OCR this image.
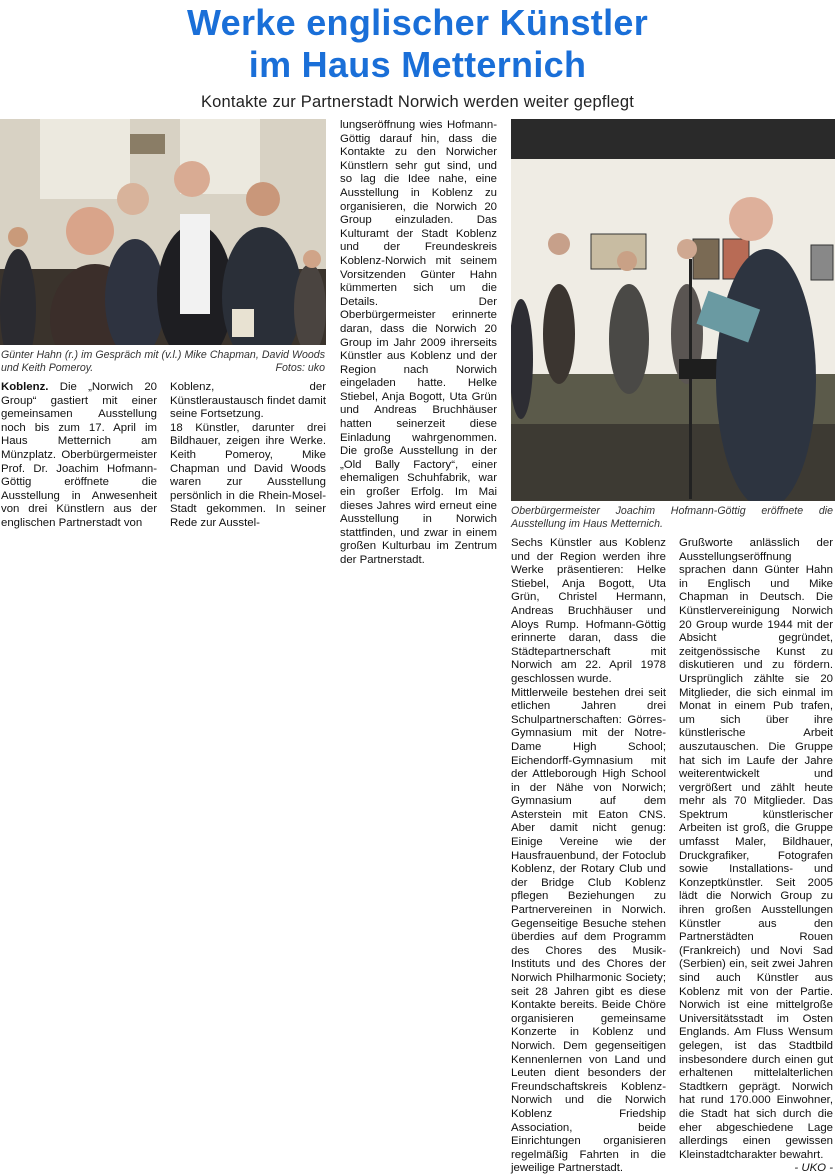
Werke englischer Künstler
im Haus Metternich
Kontakte zur Partnerstadt Norwich werden weiter gepflegt
Günter Hahn (r.) im Gespräch mit (v.l.) Mike Chapman, David Woods und Keith Pomeroy.	Fotos: uko
Oberbürgermeister Joachim Hofmann-Göttig eröffnete die Ausstellung im Haus Metternich.

Koblenz. Die „Norwich 20 Group“ gastiert mit einer gemeinsamen Ausstellung noch bis zum 17. April im Haus Metternich am Münzplatz. Oberbürgermeister Prof. Dr. Joachim Hofmann-Göttig eröffnete die Ausstellung in Anwesenheit von drei Künstlern aus der englischen Partnerstadt von

Koblenz, der Künstleraustausch findet damit seine Fortsetzung.

18 Künstler, darunter drei Bildhauer, zeigen ihre Werke. Keith Pomeroy, Mike Chapman und David Woods waren zur Ausstellung persönlich in die Rhein-Mosel-Stadt gekommen. In seiner Rede zur Ausstel-

lungseröffnung wies Hofmann-Göttig darauf hin, dass die Kontakte zu den Norwicher Künstlern sehr gut sind, und so lag die Idee nahe, eine Ausstellung in Koblenz zu organisieren, die Norwich 20 Group einzuladen. Das Kulturamt der Stadt Koblenz und der Freundeskreis Koblenz-Norwich mit seinem Vorsitzenden Günter Hahn kümmerten sich um die Details. Der Oberbürgermeister erinnerte daran, dass die Norwich 20 Group im Jahr 2009 ihrerseits Künstler aus Koblenz und der Region nach Norwich eingeladen hatte. Helke Stiebel, Anja Bogott, Uta Grün und Andreas Bruchhäuser hatten seinerzeit diese Einladung wahrgenommen. Die große Ausstellung in der „Old Bally Factory“, einer ehemaligen Schuhfabrik, war ein großer Erfolg. Im Mai dieses Jahres wird erneut eine Ausstellung in Norwich stattfinden, und zwar in einem großen Kulturbau im Zentrum der Partnerstadt.

Sechs Künstler aus Koblenz und der Region werden ihre Werke präsentieren: Helke Stiebel, Anja Bogott, Uta Grün, Christel Hermann, Andreas Bruchhäuser und Aloys Rump. Hofmann-Göttig erinnerte daran, dass die Städtepartnerschaft mit Norwich am 22. April 1978 geschlossen wurde.

Mittlerweile bestehen drei seit etlichen Jahren drei Schulpartnerschaften: Görres-Gymnasium mit der Notre-Dame High School; Eichendorff-Gymnasium mit der Attleborough High School in der Nähe von Norwich; Gymnasium auf dem Asterstein mit Eaton CNS. Aber damit nicht genug: Einige Vereine wie der Hausfrauenbund, der Fotoclub Koblenz, der Rotary Club und der Bridge Club Koblenz pflegen Beziehungen zu Partnervereinen in Norwich. Gegenseitige Besuche stehen überdies auf dem Programm des Chores des Musik-Instituts und des Chores der Norwich Philharmonic Society; seit 28 Jahren gibt es diese Kontakte bereits. Beide Chöre organisieren gemeinsame Konzerte in Koblenz und Norwich. Dem gegenseitigen Kennenlernen von Land und Leuten dient besonders der Freundschaftskreis Koblenz-Norwich und die Norwich Koblenz Friedship Association, beide Einrichtungen organisieren regelmäßig Fahrten in die jeweilige Partnerstadt.

Grußworte anlässlich der Ausstellungseröffnung sprachen dann Günter Hahn in Englisch und Mike Chapman in Deutsch. Die Künstlervereinigung Norwich 20 Group wurde 1944 mit der Absicht gegründet, zeitgenössische Kunst zu diskutieren und zu fördern. Ursprünglich zählte sie 20 Mitglieder, die sich einmal im Monat in einem Pub trafen, um sich über ihre künstlerische Arbeit auszutauschen. Die Gruppe hat sich im Laufe der Jahre weiterentwickelt und vergrößert und zählt heute mehr als 70 Mitglieder. Das Spektrum künstlerischer Arbeiten ist groß, die Gruppe umfasst Maler, Bildhauer, Druckgrafiker, Fotografen sowie Installations- und Konzeptkünstler. Seit 2005 lädt die Norwich Group zu ihren großen Ausstellungen Künstler aus den Partnerstädten Rouen (Frankreich) und Novi Sad (Serbien) ein, seit zwei Jahren sind auch Künstler aus Koblenz mit von der Partie. Norwich ist eine mittelgroße Universitätsstadt im Osten Englands. Am Fluss Wensum gelegen, ist das Stadtbild insbesondere durch einen gut erhaltenen mittelalterlichen Stadtkern geprägt. Norwich hat rund 170.000 Einwohner, die Stadt hat sich durch die eher abgeschiedene Lage allerdings einen gewissen Kleinstadtcharakter bewahrt.
- UKO -
